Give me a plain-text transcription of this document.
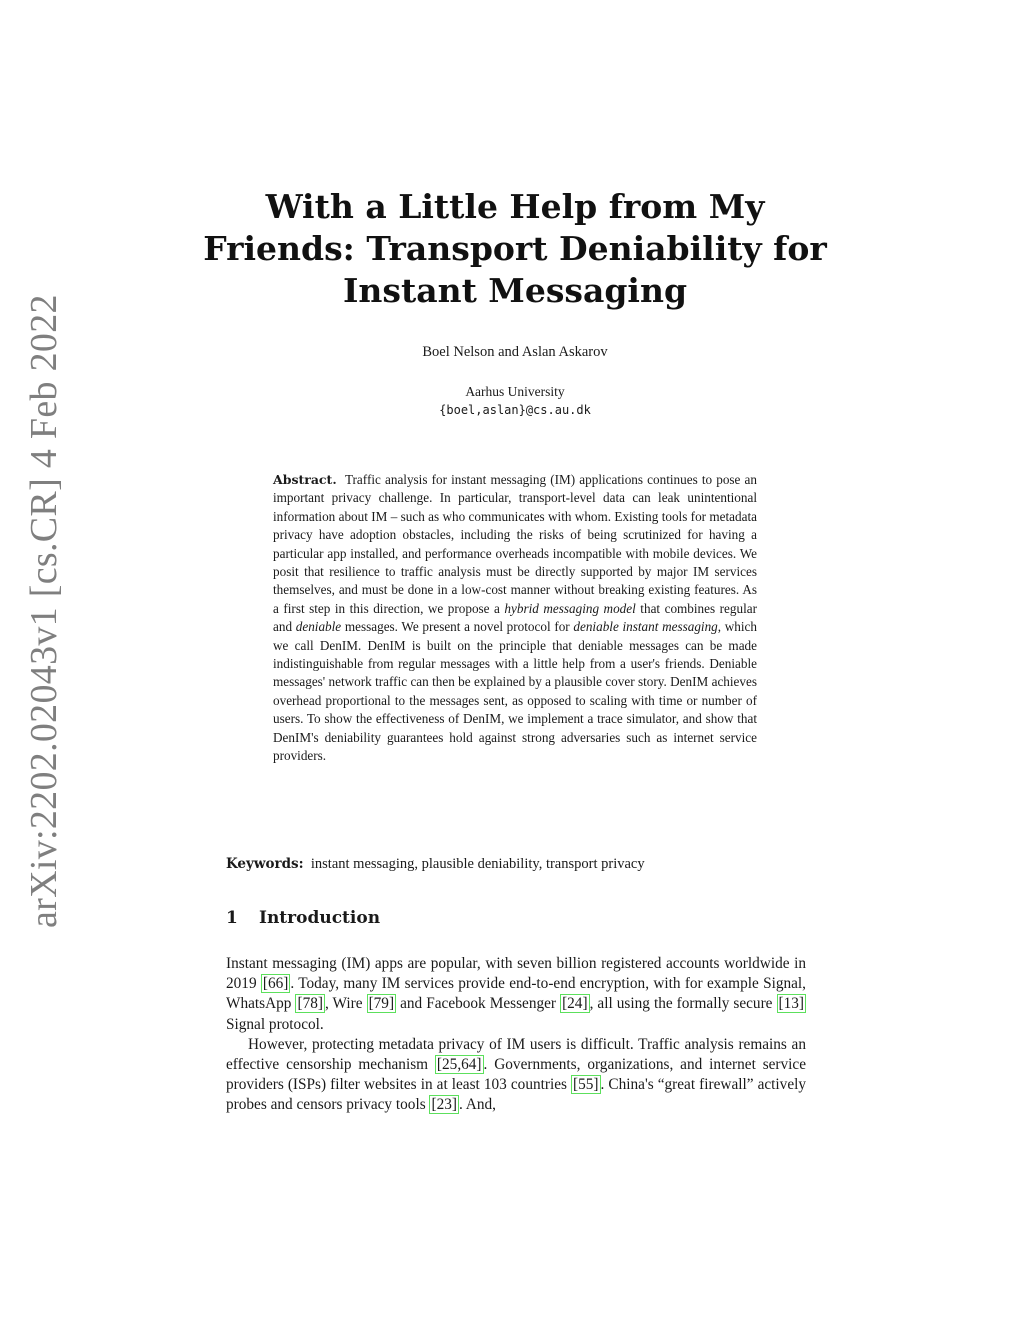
arXiv:2202.02043v1 [cs.CR] 4 Feb 2022
With a Little Help from My
Friends: Transport Deniability for
Instant Messaging
Boel Nelson and Aslan Askarov
Aarhus University
{boel,aslan}@cs.au.dk
Abstract. Traffic analysis for instant messaging (IM) applications continues to pose an important privacy challenge. In particular, transport-level data can leak unintentional information about IM – such as who communicates with whom. Existing tools for metadata privacy have adoption obstacles, including the risks of being scrutinized for having a particular app installed, and performance overheads incompatible with mobile devices. We posit that resilience to traffic analysis must be directly supported by major IM services themselves, and must be done in a low-cost manner without breaking existing features. As a first step in this direction, we propose a hybrid messaging model that combines regular and deniable messages. We present a novel protocol for deniable instant messaging, which we call DenIM. DenIM is built on the principle that deniable messages can be made indistinguishable from regular messages with a little help from a user's friends. Deniable messages' network traffic can then be explained by a plausible cover story. DenIM achieves overhead proportional to the messages sent, as opposed to scaling with time or number of users. To show the effectiveness of DenIM, we implement a trace simulator, and show that DenIM's deniability guarantees hold against strong adversaries such as internet service providers.
Keywords: instant messaging, plausible deniability, transport privacy
1 Introduction

Instant messaging (IM) apps are popular, with seven billion registered accounts worldwide in 2019 [66] . Today, many IM services provide end-to-end encryption, with for example Signal, WhatsApp [78] , Wire [79] and Facebook Messenger [24] , all using the formally secure [13] Signal protocol.

However, protecting metadata privacy of IM users is difficult. Traffic analysis remains an effective censorship mechanism [25,64] . Governments, organizations, and internet service providers (ISPs) filter websites in at least 103 countries [55] . China's “great firewall” actively probes and censors privacy tools [23] . And,
